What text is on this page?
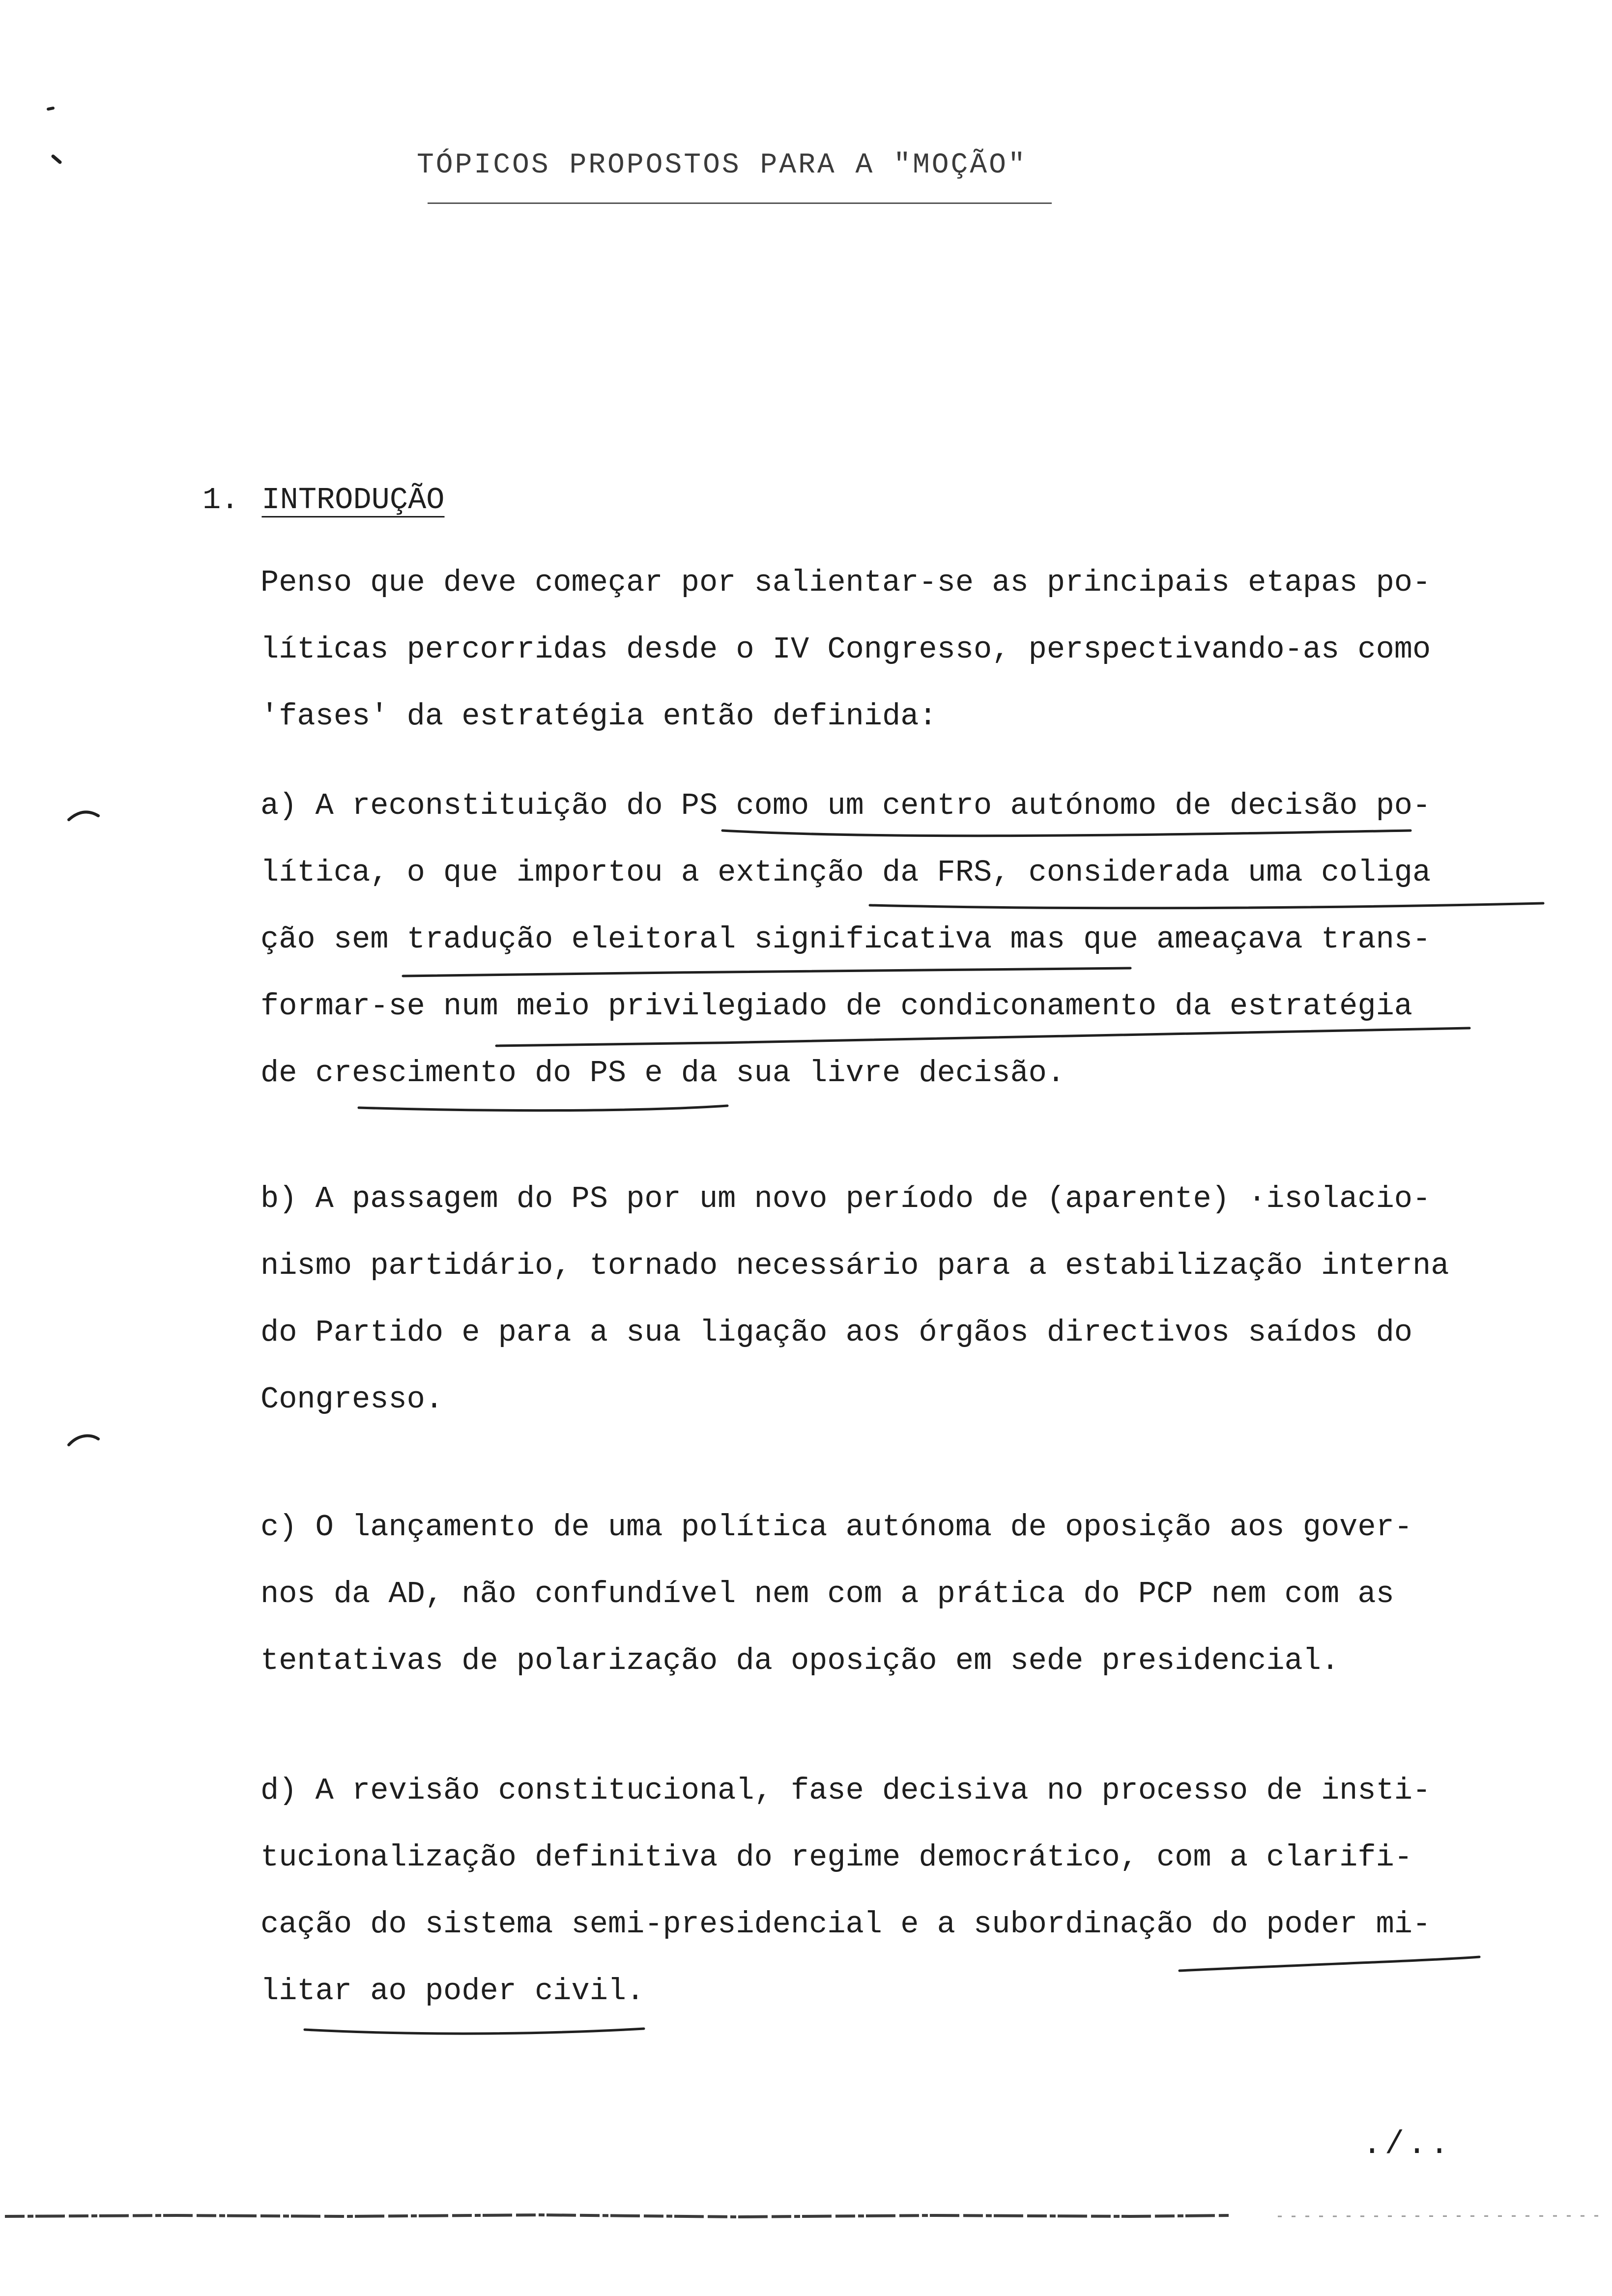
TÓPICOS PROPOSTOS PARA A "MOÇÃO"
1. INTRODUÇÃO
Penso que deve começar por salientar-se as principais etapas po-
líticas percorridas desde o IV Congresso, perspectivando-as como
'fases' da estratégia então definida:
a) A reconstituição do PS como um centro autónomo de decisão po-
lítica, o que importou a extinção da FRS, considerada uma coliga
ção sem tradução eleitoral significativa mas que ameaçava trans-
formar-se num meio privilegiado de condiconamento da estratégia
de crescimento do PS e da sua livre decisão.
b) A passagem do PS por um novo período de (aparente) ·isolacio-
nismo partidário, tornado necessário para a estabilização interna
do Partido e para a sua ligação aos órgãos directivos saídos do
Congresso.
c) O lançamento de uma política autónoma de oposição aos gover-
nos da AD, não confundível nem com a prática do PCP nem com as
tentativas de polarização da oposição em sede presidencial.
d) A revisão constitucional, fase decisiva no processo de insti-
tucionalização definitiva do regime democrático, com a clarifi-
cação do sistema semi-presidencial e a subordinação do poder mi-
litar ao poder civil.
./..
